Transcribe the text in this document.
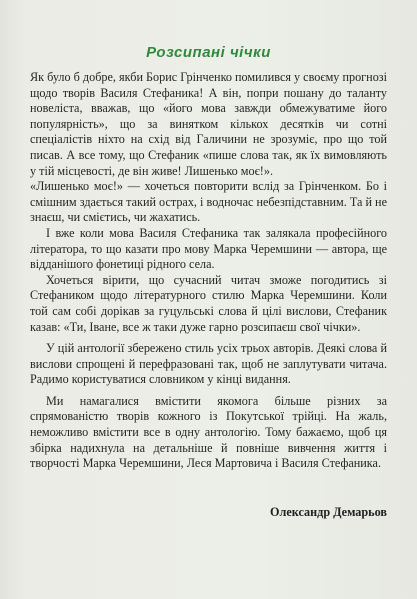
Розсипані чічки

Як було б добре, якби Борис Грінченко помилився у своєму прогнозі щодо творів Василя Стефаника! А він, попри пошану до таланту новеліста, вважав, що «його мова завжди обмежуватиме його популярність», що за винятком кількох десятків чи сотні спеціалістів ніхто на схід від Галичини не зрозуміє, про що той писав. А все тому, що Стефаник «пише слова так, як їх вимовляють у тій місцевості, де він живе! Лишенько моє!».

«Лишенько моє!» — хочеться повторити вслід за Грінченком. Бо і смішним здається такий острах, і водночас небезпідставним. Та й не знаєш, чи смієтись, чи жахатись.

І вже коли мова Василя Стефаника так залякала професійного літератора, то що казати про мову Марка Черемшини — автора, ще відданішого фонетиці рідного села.

Хочеться вірити, що сучасний читач зможе погодитись зі Стефаником щодо літературного стилю Марка Черемшини. Коли той сам собі дорікав за гуцульські слова й цілі вислови, Стефаник казав: «Ти, Іване, все ж таки дуже гарно розсипаєш свої чічки».

У цій антології збережено стиль усіх трьох авторів. Деякі слова й вислови спрощені й перефразовані так, щоб не заплутувати читача. Радимо користуватися словником у кінці видання.

Ми намагалися вмістити якомога більше різних за спрямованістю творів кожного із Покутської трійці. На жаль, неможливо вмістити все в одну антологію. Тому бажаємо, щоб ця збірка надихнула на детальніше й повніше вивчення життя і творчості Марка Черемшини, Леся Мартовича і Василя Стефаника.

Олександр Демарьов
